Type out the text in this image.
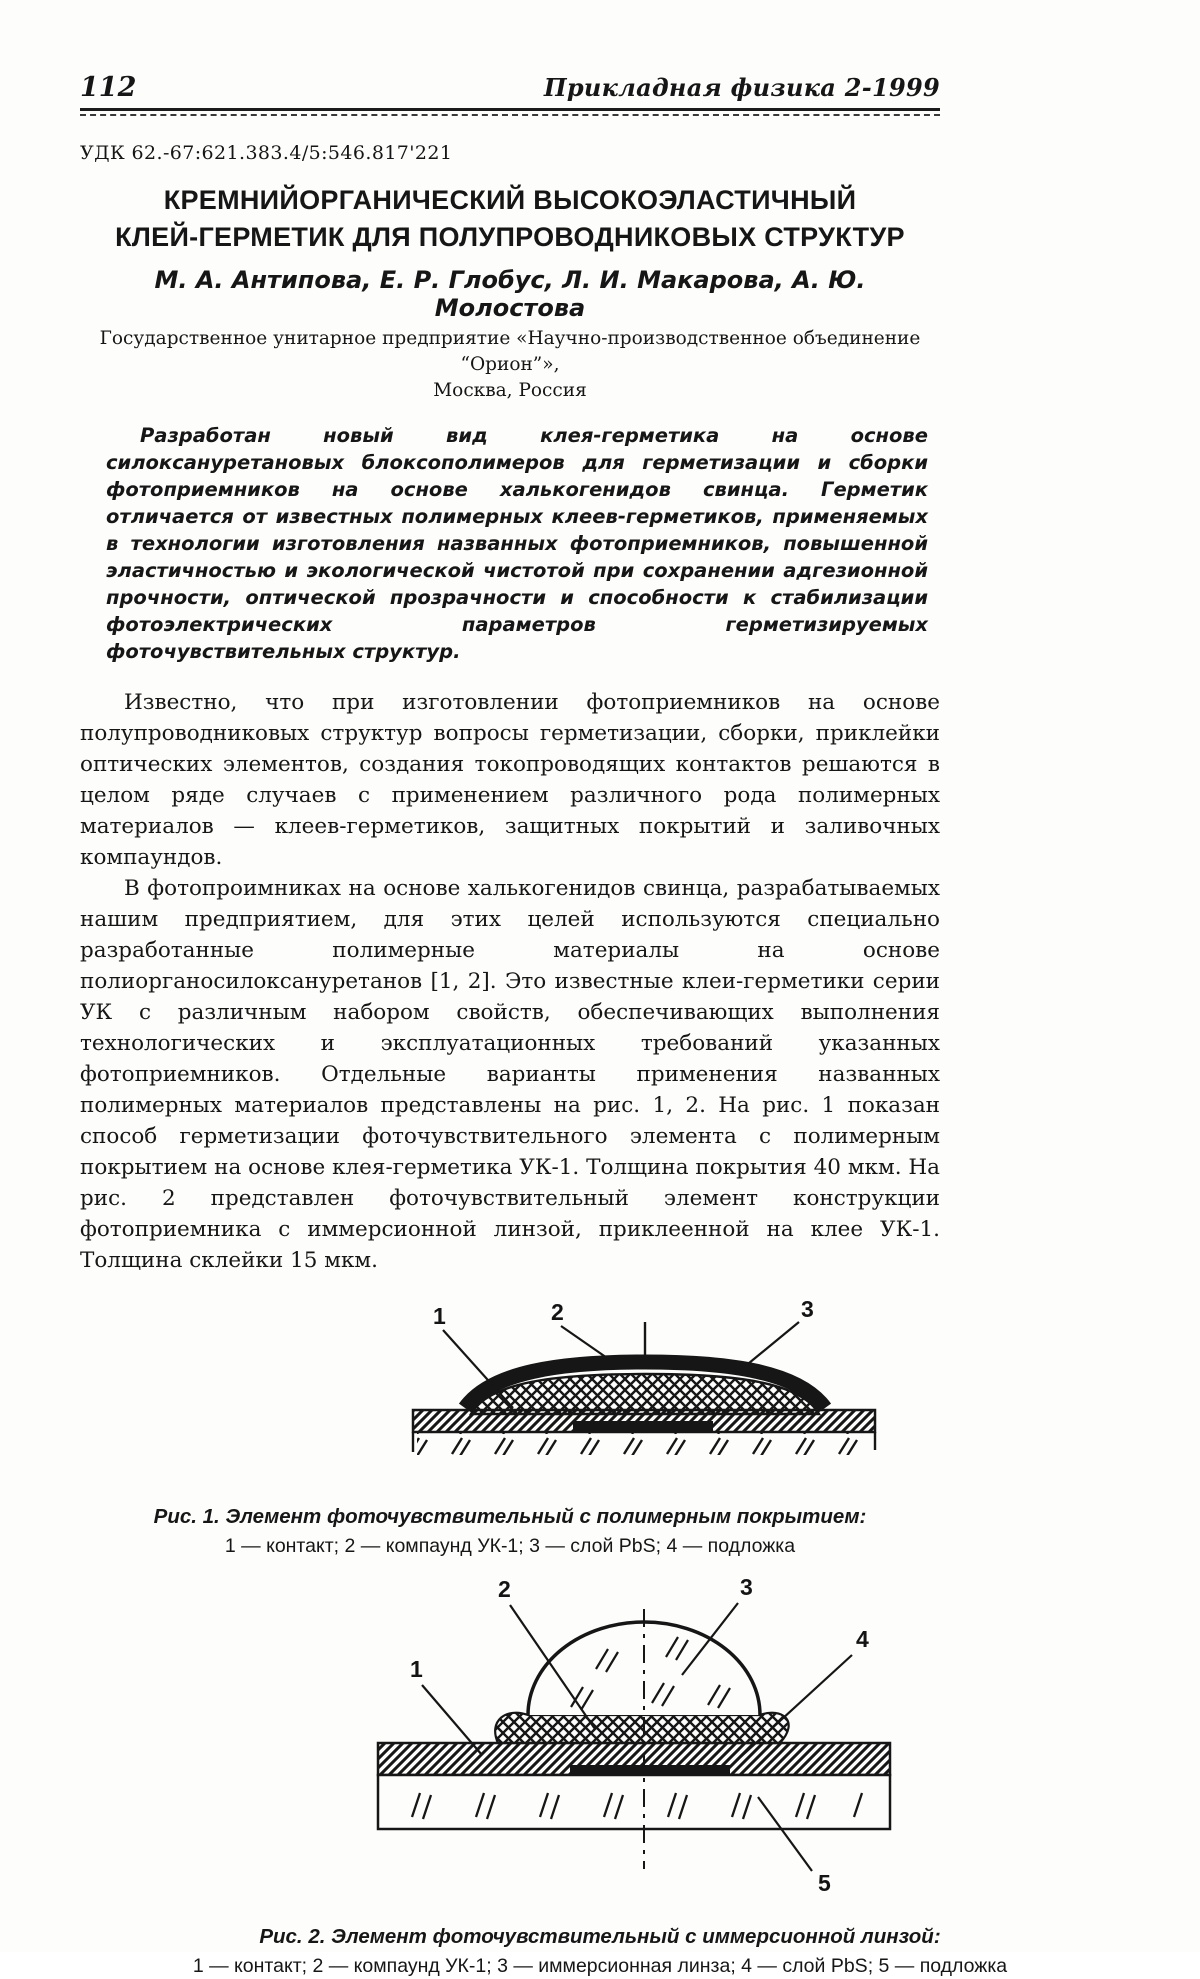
112	Прикладная физика 2-1999
УДК 62.-67:621.383.4/5:546.817'221
КРЕМНИЙОРГАНИЧЕСКИЙ ВЫСОКОЭЛАСТИЧНЫЙ
КЛЕЙ-ГЕРМЕТИК ДЛЯ ПОЛУПРОВОДНИКОВЫХ СТРУКТУР
М. А. Антипова, Е. Р. Глобус, Л. И. Макарова, А. Ю. Молостова
Государственное унитарное предприятие «Научно-производственное объединение “Орион”»,
Москва, Россия
Разработан новый вид клея-герметика на основе силоксануретановых блоксополимеров для герметизации и сборки фотоприемников на основе халькогенидов свинца. Герметик отличается от известных полимерных клеев-герметиков, применяемых в технологии изготовления названных фотоприемников, повышенной эластичностью и экологической чистотой при сохранении адгезионной прочности, оптической прозрачности и способности к стабилизации фотоэлектрических параметров герметизируемых фоточувствительных структур.

Известно, что при изготовлении фотоприемников на основе полупроводниковых структур вопросы герметизации, сборки, приклейки оптических элементов, создания токопроводящих контактов решаются в целом ряде случаев с применением различного рода полимерных материалов — клеев-герметиков, защитных покрытий и заливочных компаундов.

В фотопроимниках на основе халькогенидов свинца, разрабатываемых нашим предприятием, для этих целей используются специально разработанные полимерные материалы на основе полиорганосилоксануретанов [1, 2]. Это известные клеи-герметики серии УК с различным набором свойств, обеспечивающих выполнения технологических и эксплуатационных требований указанных фотоприемников. Отдельные варианты применения названных полимерных материалов представлены на рис. 1, 2. На рис. 1 показан способ герметизации фоточувствительного элемента с полимерным покрытием на основе клея-герметика УК-1. Толщина покрытия 40 мкм. На рис. 2 представлен фоточувствительный элемент конструкции фотоприемника с иммерсионной линзой, приклеенной на клее УК-1. Толщина склейки 15 мкм.

1	2	3
Рис. 1. Элемент фоточувствительный с полимерным покрытием:
1 — контакт; 2 — компаунд УК-1; 3 — слой PbS; 4 — подложка
1
2	3
4
5
Рис. 2. Элемент фоточувствительный с иммерсионной линзой:
1 — контакт; 2 — компаунд УК-1; 3 — иммерсионная линза; 4 — слой PbS; 5 — подложка
